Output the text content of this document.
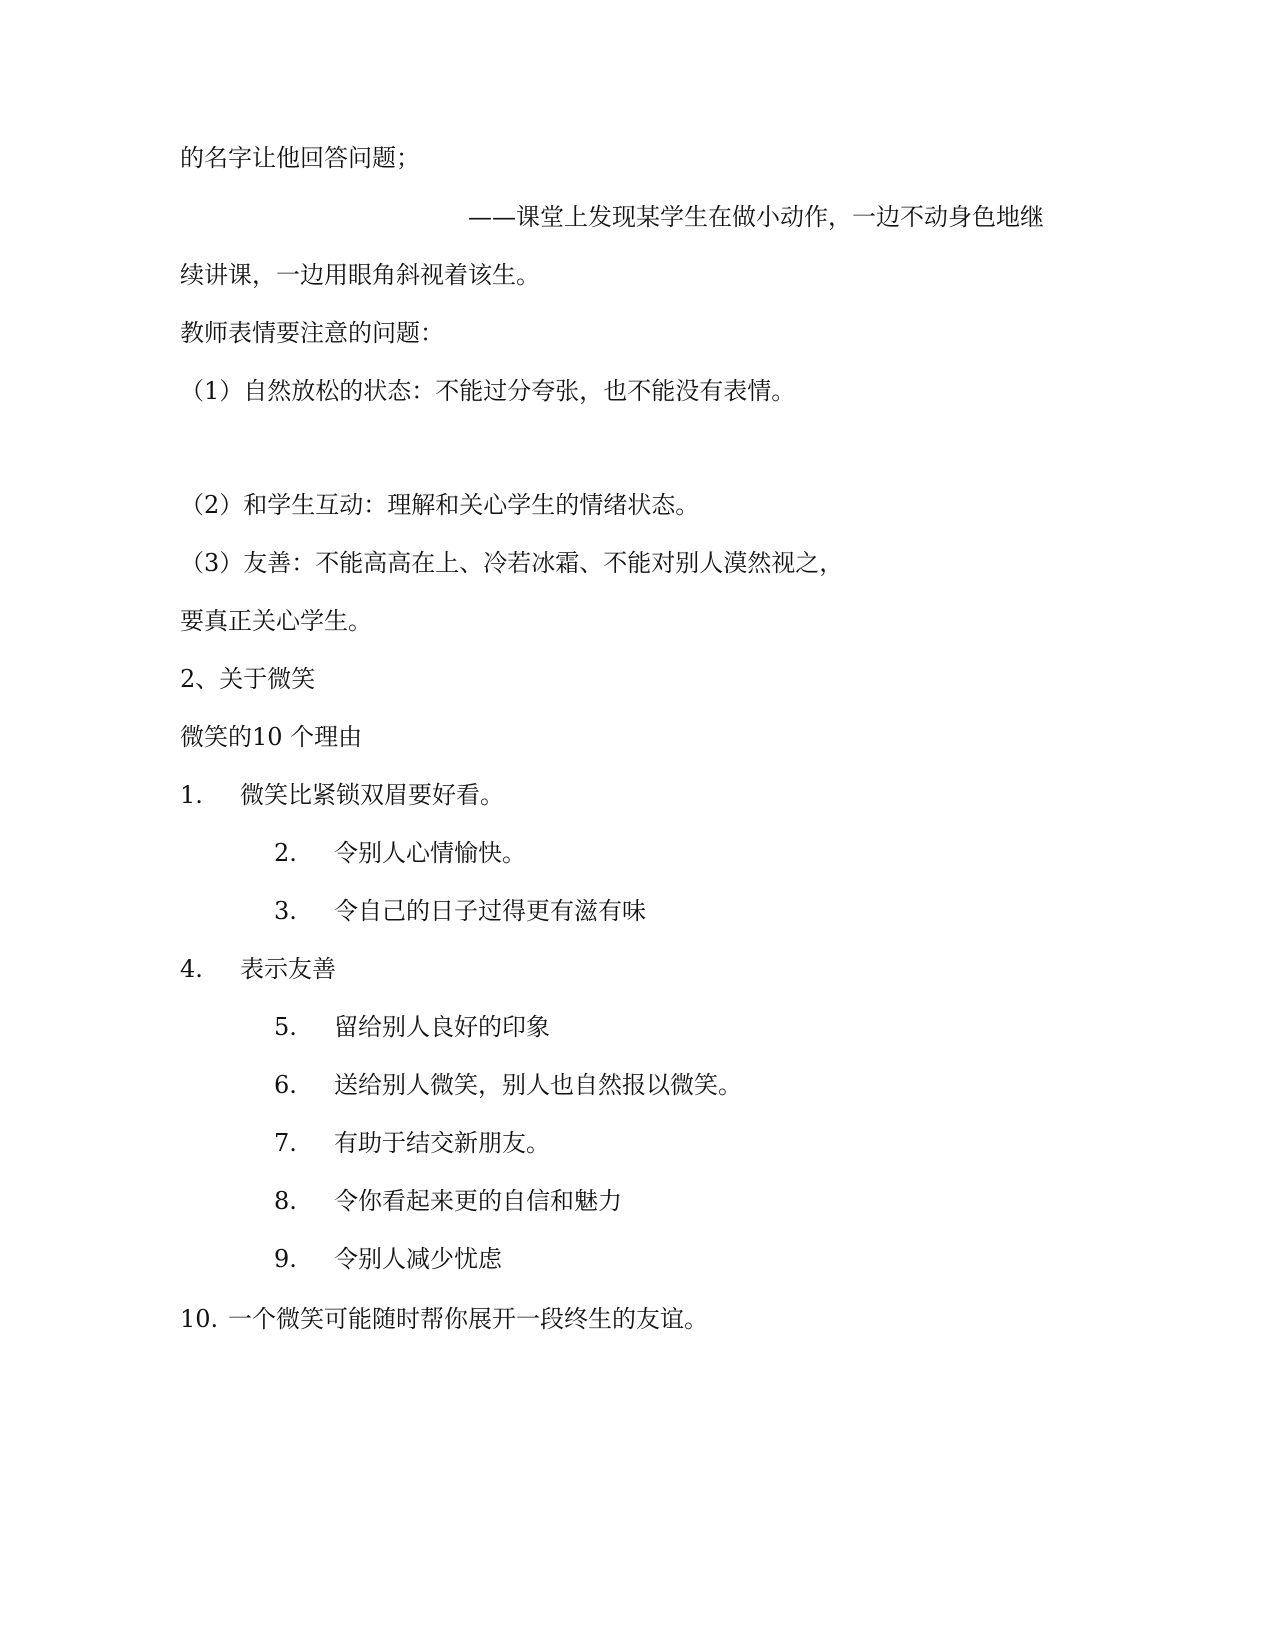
的名字让他回答问题；
——课堂上发现某学生在做小动作，一边不动身色地继
续讲课，一边用眼角斜视着该生。
教师表情要注意的问题：
（1）自然放松的状态：不能过分夸张，也不能没有表情。
（2）和学生互动：理解和关心学生的情绪状态。
（3）友善：不能高高在上、冷若冰霜、不能对别人漠然视之，
要真正关心学生。
2、关于微笑
微笑的10 个理由
1. 微笑比紧锁双眉要好看。
2. 令别人心情愉快。
3. 令自己的日子过得更有滋有味
4. 表示友善
5. 留给别人良好的印象
6. 送给别人微笑，别人也自然报以微笑。
7. 有助于结交新朋友。
8. 令你看起来更的自信和魅力
9. 令别人减少忧虑
10. 一个微笑可能随时帮你展开一段终生的友谊。
